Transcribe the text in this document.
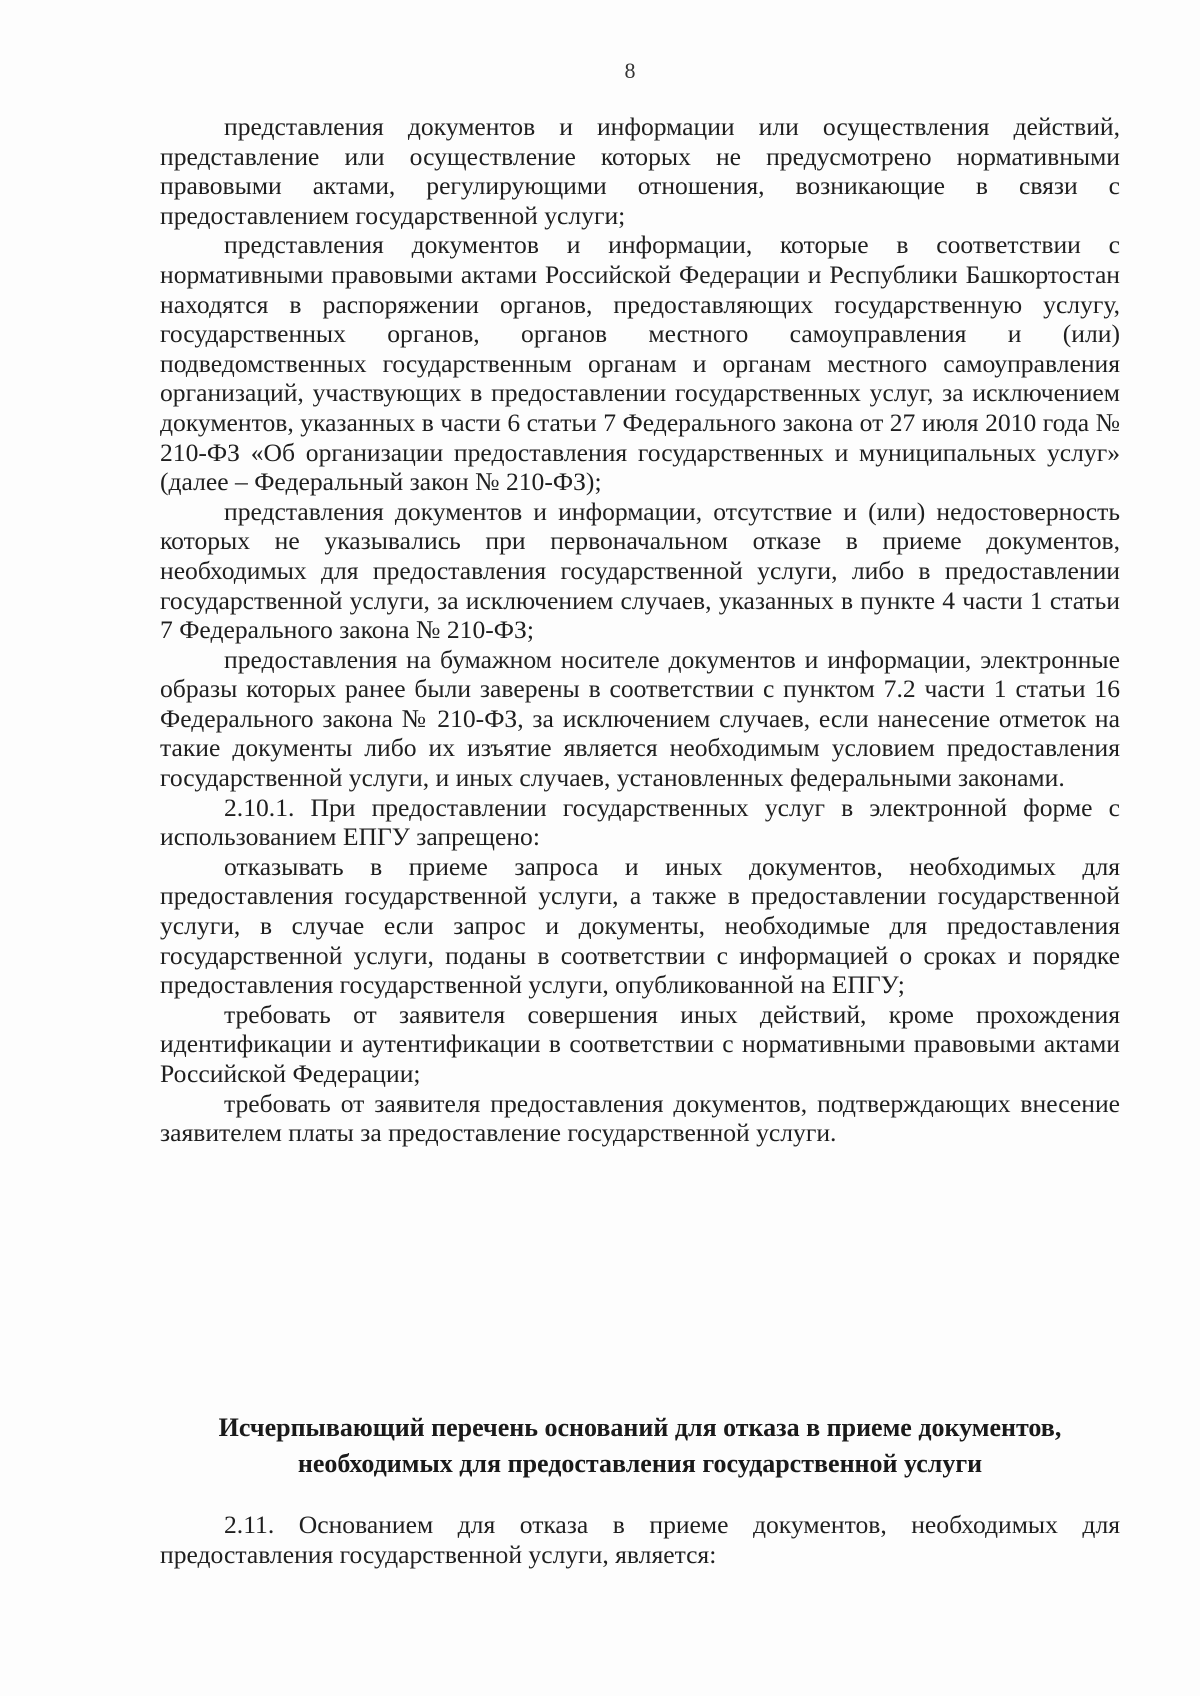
8

представления документов и информации или осуществления действий, представление или осуществление которых не предусмотрено нормативными правовыми актами, регулирующими отношения, возникающие в связи с предоставлением государственной услуги;

представления документов и информации, которые в соответствии с нормативными правовыми актами Российской Федерации и Республики Башкортостан находятся в распоряжении органов, предоставляющих государственную услугу, государственных органов, органов местного самоуправления и (или) подведомственных государственным органам и органам местного самоуправления организаций, участвующих в предоставлении государственных услуг, за исключением документов, указанных в части 6 статьи 7 Федерального закона от 27 июля 2010 года № 210-ФЗ «Об организации предоставления государственных и муниципальных услуг» (далее – Федеральный закон № 210-ФЗ);

представления документов и информации, отсутствие и (или) недостоверность которых не указывались при первоначальном отказе в приеме документов, необходимых для предоставления государственной услуги, либо в предоставлении государственной услуги, за исключением случаев, указанных в пункте 4 части 1 статьи 7 Федерального закона № 210-ФЗ;

предоставления на бумажном носителе документов и информации, электронные образы которых ранее были заверены в соответствии с пунктом 7.2 части 1 статьи 16 Федерального закона № 210-ФЗ, за исключением случаев, если нанесение отметок на такие документы либо их изъятие является необходимым условием предоставления государственной услуги, и иных случаев, установленных федеральными законами.

2.10.1. При предоставлении государственных услуг в электронной форме с использованием ЕПГУ запрещено:

отказывать в приеме запроса и иных документов, необходимых для предоставления государственной услуги, а также в предоставлении государственной услуги, в случае если запрос и документы, необходимые для предоставления государственной услуги, поданы в соответствии с информацией о сроках и порядке предоставления государственной услуги, опубликованной на ЕПГУ;

требовать от заявителя совершения иных действий, кроме прохождения идентификации и аутентификации в соответствии с нормативными правовыми актами Российской Федерации;

требовать от заявителя предоставления документов, подтверждающих внесение заявителем платы за предоставление государственной услуги.

Исчерпывающий перечень оснований для отказа в приеме документов,
необходимых для предоставления государственной услуги

2.11. Основанием для отказа в приеме документов, необходимых для предоставления государственной услуги, является:
